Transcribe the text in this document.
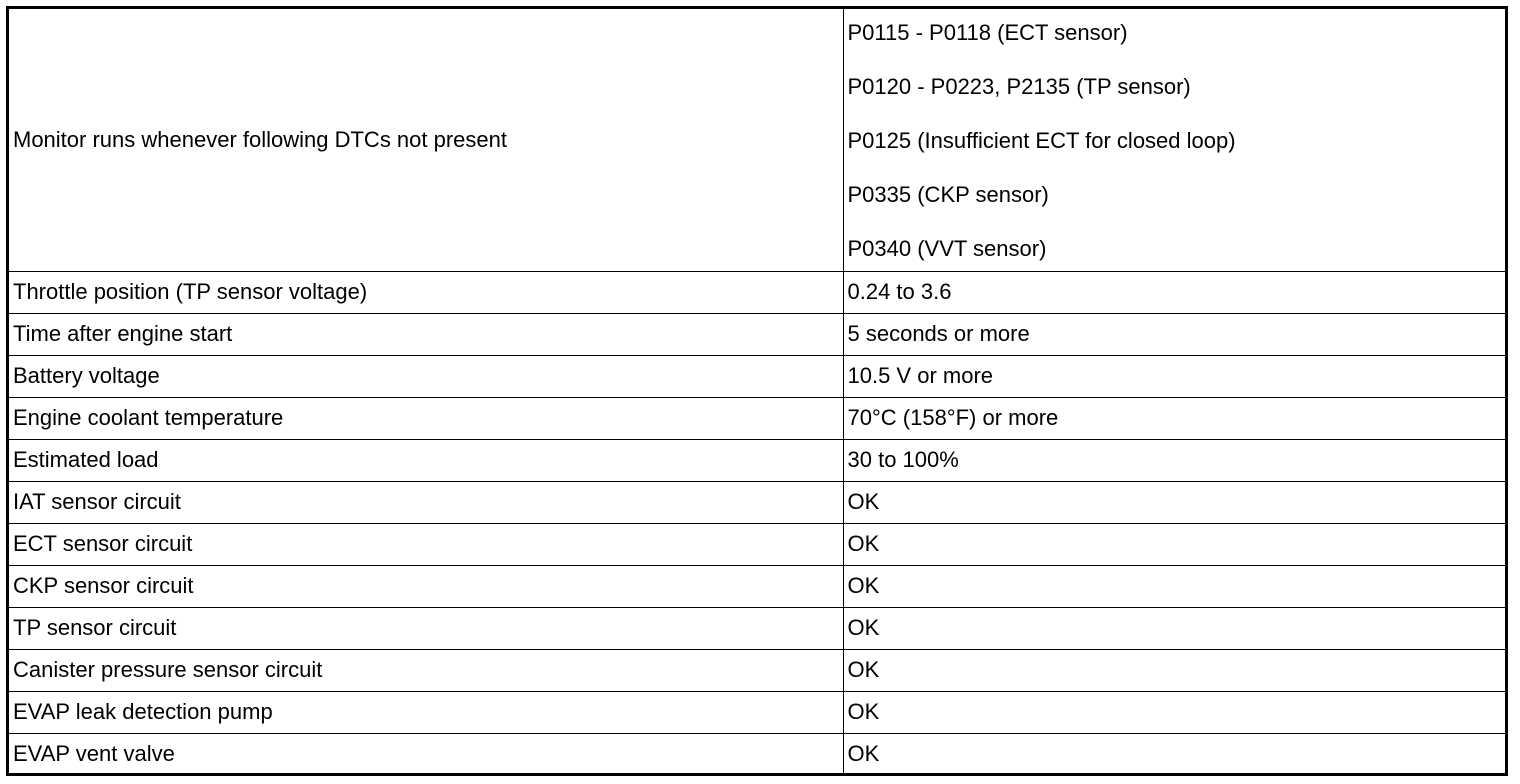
Monitor runs whenever following DTCs not present	P0115 - P0118 (ECT sensor)
P0120 - P0223, P2135 (TP sensor)
P0125 (Insufficient ECT for closed loop)
P0335 (CKP sensor)
P0340 (VVT sensor)

Throttle position (TP sensor voltage)	0.24 to 3.6
Time after engine start	5 seconds or more
Battery voltage	10.5 V or more
Engine coolant temperature	70°C (158°F) or more
Estimated load	30 to 100%
IAT sensor circuit	OK
ECT sensor circuit	OK
CKP sensor circuit	OK
TP sensor circuit	OK
Canister pressure sensor circuit	OK
EVAP leak detection pump	OK
EVAP vent valve	OK
